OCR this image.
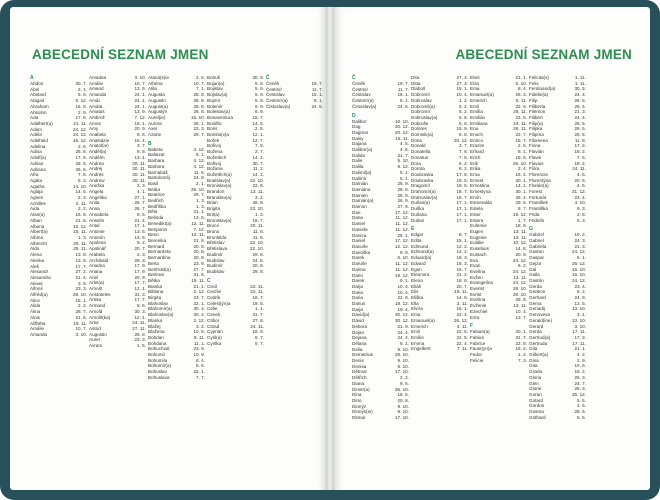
ABECEDNÍ SEZNAM JMEN
A
Abdon	30. 7.
Abel	2. 1.
Abelard	5. 8.
Abigail	5. 12.
Abraham	16. 8.
Absolon	2. 9.
Ada	17. 6.
Adalbert(a)	21. 11.
Adam	24. 12.
Adéla	24. 12.
Adelheid	16. 12.
Adelina	2. 6.
Adina	26. 6.
Adolf(a)	17. 6.
Adrian	26. 6.
Adriana	26. 6.
Afra	7. 8.
Agáta	5. 2.
Agatha	14. 10.
Aglaja	14. 5.
Agnes	2. 3.
Achilles	2. 11.
Aida	2. 2.
Alan(a)	16. 8.
Alban	21. 6.
Albena	16. 12.
Albert(a)	15. 11.
Albína	1. 3.
Albrecht	25. 11.
Aldo	25. 11.
Alena	13. 8.
Alenka	13. 8.
Aleš	17. 7.
Alexandr	27. 2.
Alexandra	21. 4.
Alexej	3. 5.
Alfons	23. 3.
Alfréd(a)	28. 10.
Alice	15. 1.
Alida	2. 2.
Alina	28. 7.
Alois	21. 6.
Alžběta	19. 11.
Amálie	10. 7.
Amanda	3. 10.
Amadea	3. 10.
Amálie	10. 7.
Amand	13. 9.
Amanda	24. 1.
Amát	24. 1.
Amáta	24. 1.
Amatus	13. 9.
Ambrož	7. 12.
Amos	16. 1.
Amy	20. 9.
Anabela	8. 6.
Anastázie	15. 4.
Anatol(ie)	3. 7.
Anděl(a)	9. 8.
Andělín	13. 1.
Andrea	30. 11.
Andrej	30. 11.
Andrés	30. 11.
Andrew	30. 11.
Anežka	2. 3.
Angela	4. 1.
Angelika	27. 1.
Anita	26. 7.
Anna	26. 7.
Annabela	8. 6.
Anselm	21. 4.
Antal	17. 1.
Antonie	13. 6.
Antonín	13. 6.
Apolena	9. 2.
Apolinář	20. 7.
Arabela	2. 3.
Archibald	29. 3.
Ariadna	17. 9.
Ariana	17. 9.
Ariel	20. 9.
Arlet(a)	17. 7.
Arnošt	12. 1.
Aristoteles	31. 3.
Arleta	17. 7.
Armand	8. 6.
Arnold	30. 3.
Arnošt(ka)	12. 1.
Artur	24. 11.
Astrid	27. 11.
Augustin	28. 8.
Aurel	23. 3.
Avram	1. 5.
Ataná(s)ie	2. 5.
Athéna	10. 7.
Atila	7. 1.
Augusta	28. 8.
Augustin	28. 8.
August(a)	28. 8.
Augustýn	28. 8.
Aurel(ie)	15. 10.
Aurora	26. 1.
Axel	23. 3.
Azarie	29. 7.
B
Babeta	4. 12.
Baltazar	6. 1.
Barbara	4. 12.
Barbora	4. 12.
Barnabáš	11. 6.
Bartoloměj	24. 8.
Basil	2. 1.
Beáta	25. 10.
Beatrice	29. 7.
Bedřich	1. 3.
Bedřiška	1. 3.
Běla	21. 1.
Belinda	13. 8.
Benedikt(a)	12. 11.
Benjamin	7. 12.
Beno	12. 11.
Berenika	21. 8.
Bernard	20. 8.
Bernardeta	20. 8.
Bernardina	20. 8.
Berta	23. 9.
Berthold(a)	27. 7.
Bertram	31. 5.
Bětka	19. 11.
Bianka	21. 1.
Biblana	2. 12.
Birgita	23. 7.
Blahoslav	22. 1.
Blahomír(a)	30. 4.
Blahoslav(a)	30. 4.
Blanka	2. 12.
Blažej	3. 2.
Blažena	10. 5.
Bohdan	9. 11.
Bohdana	11. 1.
Bohuchval	23. 9.
Bohumil	10. 9.
Bohumila	8. 4.
Bohumír(a)	8. 5.
Bohuslav	22. 1.
Bohuslava	7. 7.
Bohuš	30. 9.
Bojan(a)	5. 9.
Bojislav	5. 9.
Bojslav(a)	5. 9.
Bojmír	5. 9.
Bolemír	6. 9.
Boleslav(a)	6. 9.
Bonaventura	15. 7.
Boniflic	14. 5.
Boris	2. 5.
Borisla(v)a	12. 1.
Bořek	12. 7.
Bořivoj	7. 8.
Božena	2. 7.
Božetěch	14. 2.
Bořivoj	30. 7.
Božana	11. 2.
Božetěch(a)	14. 2.
Bratislav(a)	22. 10.
Bronislav(a)	22. 8.
Brandon	13. 11.
Branislav(a)	3. 2.
Brian	28. 9.
Brigita	23. 10.
Brit(a)	1. 2.
Bronislav(a)	16. 7.
Bruce	20. 11.
Bruno	11. 6.
Brunhilda	11. 6.
Břetislav	22. 10.
Břetislava	22. 10.
Budimír	29. 8.
Budislav	24. 6.
Budimír	20. 8.
Budislav	29. 8.
C
Cecil	22. 11.
Cecílie	22. 11.
Cedrik	16. 7.
Celest(ýn)a	19. 5.
Celie	1. 1.
Cenek	31. 7.
Ctibor	27. 8.
Ctirad	24. 11.
Cyprián	16. 9.
Cyril(a)	5. 7.
Cyrilka	5. 7.
Č
Čeněk	19. 7.
Čestmír	11. 7.
Čestislav	16. 1.
Čestmír(a)	8. 1.
Čistoslav(a)	24. 5.
ABECEDNÍ SEZNAM JMEN
Č
Čeněk	19. 7.
Čestmír	11. 7.
Čestislav	16. 1.
Čestmír(a)	8. 1.
Čistoslav(a)	24. 5.
D
Dalibor	16. 10.
Dag	20. 12.
Dagmar	20. 12.
Daisy	16. 11.
Dajana	4. 5.
Dalibor(a)	4. 6.
Dalida	21. 7.
Dalie	5. 10.
Dalila	9. 12.
Dalimil(a)	5. 1.
Dalimír	5. 1.
Damián	26. 9.
Damiána	26. 9.
Damien	26. 9.
Damián(a)	26. 9.
Damon	27. 9.
Dan	17. 12.
Dana	11. 12.
Daniel	11. 12.
Daniela	11. 12.
Danica	26. 1.
Daniel	17. 12.
Danuše	12. 12.
Danuška	9. 9.
Darek	6. 10.
Daruše	11. 12.
Darina	11. 12.
Dario	19. 12.
Darek	9. 1.
Darja	10. 4.
Daria	10. 4.
Daria	22. 8.
Darius	19. 12.
Darja	19. 4.
David(a)	30. 12.
Dávid	30. 12.
Debora	21. 9.
Dejan	24. 4.
Dejana	24. 4.
Dělana	8. 1.
Delia	9. 10.
Demetrius	26. 10.
Denis	9. 10.
Denisa	9. 10.
Dětmar	17. 10.
Dětřich	2. 2.
Diana	9. 6.
Dimitr(a)	26. 10.
Dina	18. 5.
Dino	20. 8.
Dionýz	9. 10.
Dionýs(ie)	9. 10.
Ditmar	17. 10.
Dita	27. 3.
Ditta	27. 3.
Dlaboš	15. 1.
Dobromír	10. 4.
Dobroslav	1. 2.
Dobromil(a)	5. 2.
Dobromír	5. 2.
Dobroslav(a)	5. 6.
Dobruše	5. 6.
Dolores	15. 9.
Dominik(a)	8. 8.
Dona	20. 12.
Donald	3. 7.
Donatella	7. 8.
Donatus	7. 8.
Dora	6. 2.
Dorota	6. 2.
Doubravka	17. 8.
Doubravka	19. 5.
Dragomír	19. 5.
Drahomír(a)	18. 7.
Drahoslav(a)	18. 7.
Dušan(a)	17. 1.
Duška	17. 1.
Dušana	17. 1.
Dušan	17. 1.
E
Edgar	8. 7.
Edita	15. 1.
Edmund	12. 2.
Edmund(a)	12. 2.
Eduard(a)	18. 3.
Edvard	18. 3.
Egon	15. 7.
Eleonora	21. 2.
Elena	18. 8.
Eliáš	20. 7.
Elis	19. 11.
Eliška	14. 6.
Ella	2. 11.
Elvíra	16. 1.
Ema	22. 4.
Emanuel(a)	26. 12.
Emerich	4. 11.
Emil	22. 5.
Emílie	22. 5.
Emma	22. 4.
Engelbert	7. 11.
Elvis	21. 1.
Elza	5. 10.
Ema	8. 4.
Emanuel(a)	26. 3.
Emerich	5. 11.
Emil	22. 5.
Emília	28. 11.
Emilián	22. 5.
Emiliana	24. 11.
Ena	26. 11.
Enoch	22. 7.
Enrico	15. 7.
Erazim	2. 6.
Erhard	8. 1.
Erich	18. 5.
Erik	26. 10.
Erika	2. 4.
Erna	16. 4.
Ernest	30. 1.
Ernestina	14. 1.
Ernestyna	30. 1.
Ervín	25. 4.
Esmeralda	29. 6.
Estela	8. 7.
Ester	19. 12.
Estera	1. 7.
Eufemie	18. 9.
Eugen	13. 11.
Eugenie	13. 11.
Eulálie	10. 12.
Eusebius	14. 8.
Eustach	20. 9.
Eva	24. 12.
Evan	6. 2.
Evelína	24. 12.
Evžen	13. 11.
Evangelína	24. 12.
Everist	26. 10.
Evrist	26. 10.
Evelína	29. 8.
Evženie	13. 11.
Ezechiel	10. 4.
Ezra	13. 7.
F
Fabian(a)	20. 1.
Fabius	31. 7.
Fabrice	22. 8.
Faust(yn)a	15. 2.
Fedor	1. 2.
Felicie	7. 3.
Felicita(s)	1. 11.
Felix	1. 11.
Ferdinand(a)	30. 5.
Fidelie(a)	24. 4.
Filip	26. 5.
Filiberta	26. 4.
Filemon	21. 3.
Filibert	24. 4.
Filip(a)	26. 5.
Filipka	26. 5.
Filipína	26. 5.
Filomena	11. 8.
Fiona	17. 2.
Flavián	18. 2.
Flavie	7. 5.
Flavius	18. 2.
Flóra	24. 11.
Florencie	4. 5.
Florentýna	20. 6.
Florián(a)	4. 5.
Forest	31. 12.
Fortunát	23. 4.
František	4. 10.
Františka	9. 3.
Frida	2. 8.
Fridolín	6. 3.
G
Gabriel	19. 2.
Gabriel	24. 3.
Gabriela	21. 3.
Gaston	24. 12.
Gaspar	6. 1.
Gejza	26. 12.
Gál	16. 10.
Gaila	16. 10.
Gastón	24. 12.
Gerda	23. 4.
Gedeon	6. 2.
Gerhard	24. 9.
Gema	12. 5.
Genadij	13. 10.
Genoveva	3. 1.
Gerald(ine)	13. 10.
Gerard	3. 10.
Gerda	17. 11.
Gertrud(a)	17. 3.
Gertruda	17. 11.
Gita	21. 1.
Gilbert(a)	4. 2.
Gina	2. 9.
Gita	10. 6.
Gizela	18. 2.
Gloria	25. 3.
Glen	24. 7.
Glorie	25. 3.
Goran	25. 12.
Gotard	5. 5.
Gordon	4. 5.
Gosma	28. 5.
Gothard	5. 5.
